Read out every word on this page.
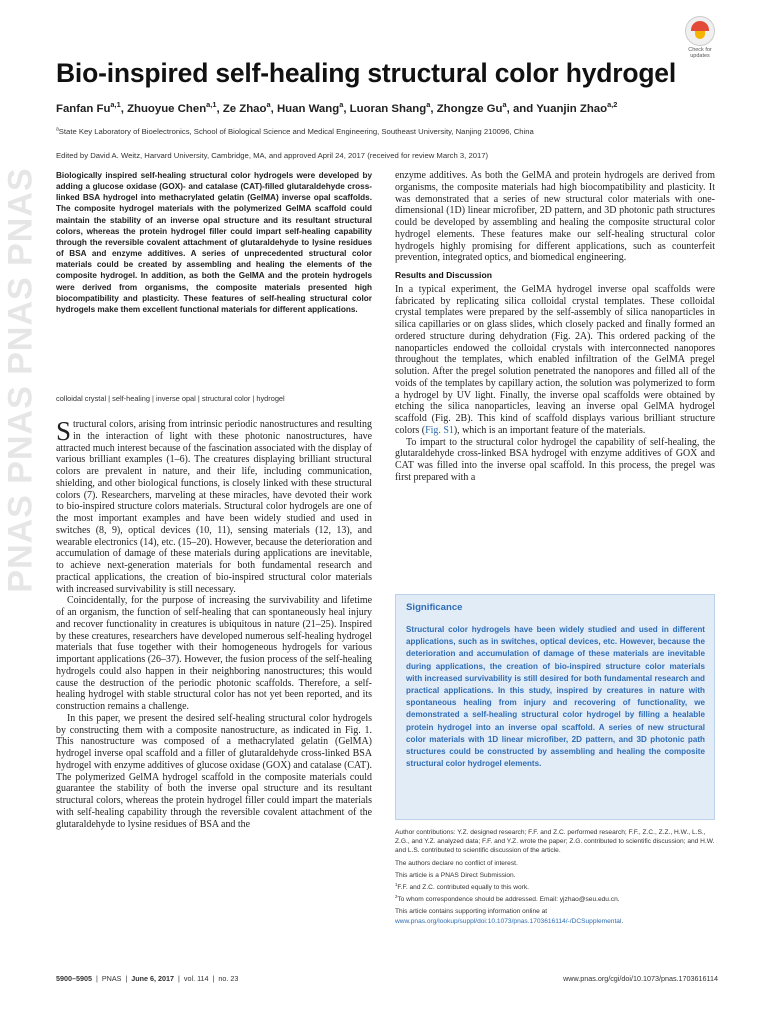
PNAS PNAS PNAS PNAS
Check for updates
Bio-inspired self-healing structural color hydrogel
Fanfan Fu$^{a,1}$, Zhuoyue Chen$^{a,1}$, Ze Zhao$^a$, Huan Wang$^a$, Luoran Shang$^a$, Zhongze Gu$^a$, and Yuanjin Zhao$^{a,2}$
$^a$State Key Laboratory of Bioelectronics, School of Biological Science and Medical Engineering, Southeast University, Nanjing 210096, China
Edited by David A. Weitz, Harvard University, Cambridge, MA, and approved April 24, 2017 (received for review March 3, 2017)

Biologically inspired self-healing structural color hydrogels were developed by adding a glucose oxidase (GOX)- and catalase (CAT)-filled glutaraldehyde cross-linked BSA hydrogel into methacrylated gelatin (GelMA) inverse opal scaffolds. The composite hydrogel materials with the polymerized GelMA scaffold could maintain the stability of an inverse opal structure and its resultant structural colors, whereas the protein hydrogel filler could impart self-healing capability through the reversible covalent attachment of glutaraldehyde to lysine residues of BSA and enzyme additives. A series of unprecedented structural color materials could be created by assembling and healing the elements of the composite hydrogel. In addition, as both the GelMA and the protein hydrogels were derived from organisms, the composite materials presented high biocompatibility and plasticity. These features of self-healing structural color hydrogels make them excellent functional materials for different applications.

colloidal crystal | self-healing | inverse opal | structural color | hydrogel

Structural colors, arising from intrinsic periodic nanostructures and resulting in the interaction of light with these photonic nanostructures, have attracted much interest because of the fascination associated with the display of various brilliant examples (1–6). The creatures displaying brilliant structural colors are prevalent in nature, and their life, including communication, shielding, and other biological functions, is closely linked with these structural colors (7). Researchers, marveling at these miracles, have devoted their work to bio-inspired structure colors materials. Structural color hydrogels are one of the most important examples and have been widely studied and used in switches (8, 9), optical devices (10, 11), sensing materials (12, 13), and wearable electronics (14), etc. (15–20). However, because the deterioration and accumulation of damage of these materials during applications are inevitable, to achieve next-generation materials for both fundamental research and practical applications, the creation of bio-inspired structural color materials with increased survivability is still necessary.

Coincidentally, for the purpose of increasing the survivability and lifetime of an organism, the function of self-healing that can spontaneously heal injury and recover functionality in creatures is ubiquitous in nature (21–25). Inspired by these creatures, researchers have developed numerous self-healing hydrogel materials that fuse together with their homogeneous hydrogels for various important applications (26–37). However, the fusion process of the self-healing hydrogels could also happen in their neighboring nanostructures; this would cause the destruction of the periodic photonic scaffolds. Therefore, a self-healing hydrogel with stable structural color has not yet been reported, and its construction remains a challenge.

In this paper, we present the desired self-healing structural color hydrogels by constructing them with a composite nanostructure, as indicated in Fig. 1. This nanostructure was composed of a methacrylated gelatin (GelMA) hydrogel inverse opal scaffold and a filler of glutaraldehyde cross-linked BSA hydrogel with enzyme additives of glucose oxidase (GOX) and catalase (CAT). The polymerized GelMA hydrogel scaffold in the composite materials could guarantee the stability of both the inverse opal structure and its resultant structural colors, whereas the protein hydrogel filler could impart the materials with self-healing capability through the reversible covalent attachment of the glutaraldehyde to lysine residues of BSA and the

enzyme additives. As both the GelMA and protein hydrogels are derived from organisms, the composite materials had high biocompatibility and plasticity. It was demonstrated that a series of new structural color materials with one-dimensional (1D) linear microfiber, 2D pattern, and 3D photonic path structures could be developed by assembling and healing the composite structural color hydrogel elements. These features make our self-healing structural color hydrogels highly promising for different applications, such as counterfeit prevention, integrated optics, and biomedical engineering.

Results and Discussion

In a typical experiment, the GelMA hydrogel inverse opal scaffolds were fabricated by replicating silica colloidal crystal templates. These colloidal crystal templates were prepared by the self-assembly of silica nanoparticles in silica capillaries or on glass slides, which closely packed and finally formed an ordered structure during dehydration (Fig. 2A). This ordered packing of the nanoparticles endowed the colloidal crystals with interconnected nanopores throughout the templates, which enabled infiltration of the GelMA pregel solution. After the pregel solution penetrated the nanopores and filled all of the voids of the templates by capillary action, the solution was polymerized to form a hydrogel by UV light. Finally, the inverse opal scaffolds were obtained by etching the silica nanoparticles, leaving an inverse opal GelMA hydrogel scaffold (Fig. 2B). This kind of scaffold displays various brilliant structure colors (Fig. S1), which is an important feature of the materials.

To impart to the structural color hydrogel the capability of self-healing, the glutaraldehyde cross-linked BSA hydrogel with enzyme additives of GOX and CAT was filled into the inverse opal scaffold. In this process, the pregel was first prepared with a

Significance

Structural color hydrogels have been widely studied and used in different applications, such as in switches, optical devices, etc. However, because the deterioration and accumulation of damage of these materials are inevitable during applications, the creation of bio-inspired structure color materials with increased survivability is still desired for both fundamental research and practical applications. In this study, inspired by creatures in nature with spontaneous healing from injury and recovering of functionality, we demonstrated a self-healing structural color hydrogel by filling a healable protein hydrogel into an inverse opal scaffold. A series of new structural color materials with 1D linear microfiber, 2D pattern, and 3D photonic path structures could be constructed by assembling and healing the composite structural color hydrogel elements.

Author contributions: Y.Z. designed research; F.F. and Z.C. performed research; F.F., Z.C., Z.Z., H.W., L.S., Z.G., and Y.Z. analyzed data; F.F. and Y.Z. wrote the paper; Z.G. contributed to scientific discussion; and H.W. and L.S. contributed to scientific discussion of the article.

The authors declare no conflict of interest.

This article is a PNAS Direct Submission.

$^1$F.F. and Z.C. contributed equally to this work.

$^2$To whom correspondence should be addressed. Email: yjzhao@seu.edu.cn.

This article contains supporting information online at www.pnas.org/lookup/suppl/doi:10.1073/pnas.1703616114/-/DCSupplemental.

5900–5905  |  PNAS  |  June 6, 2017  |  vol. 114  |  no. 23	www.pnas.org/cgi/doi/10.1073/pnas.1703616114
